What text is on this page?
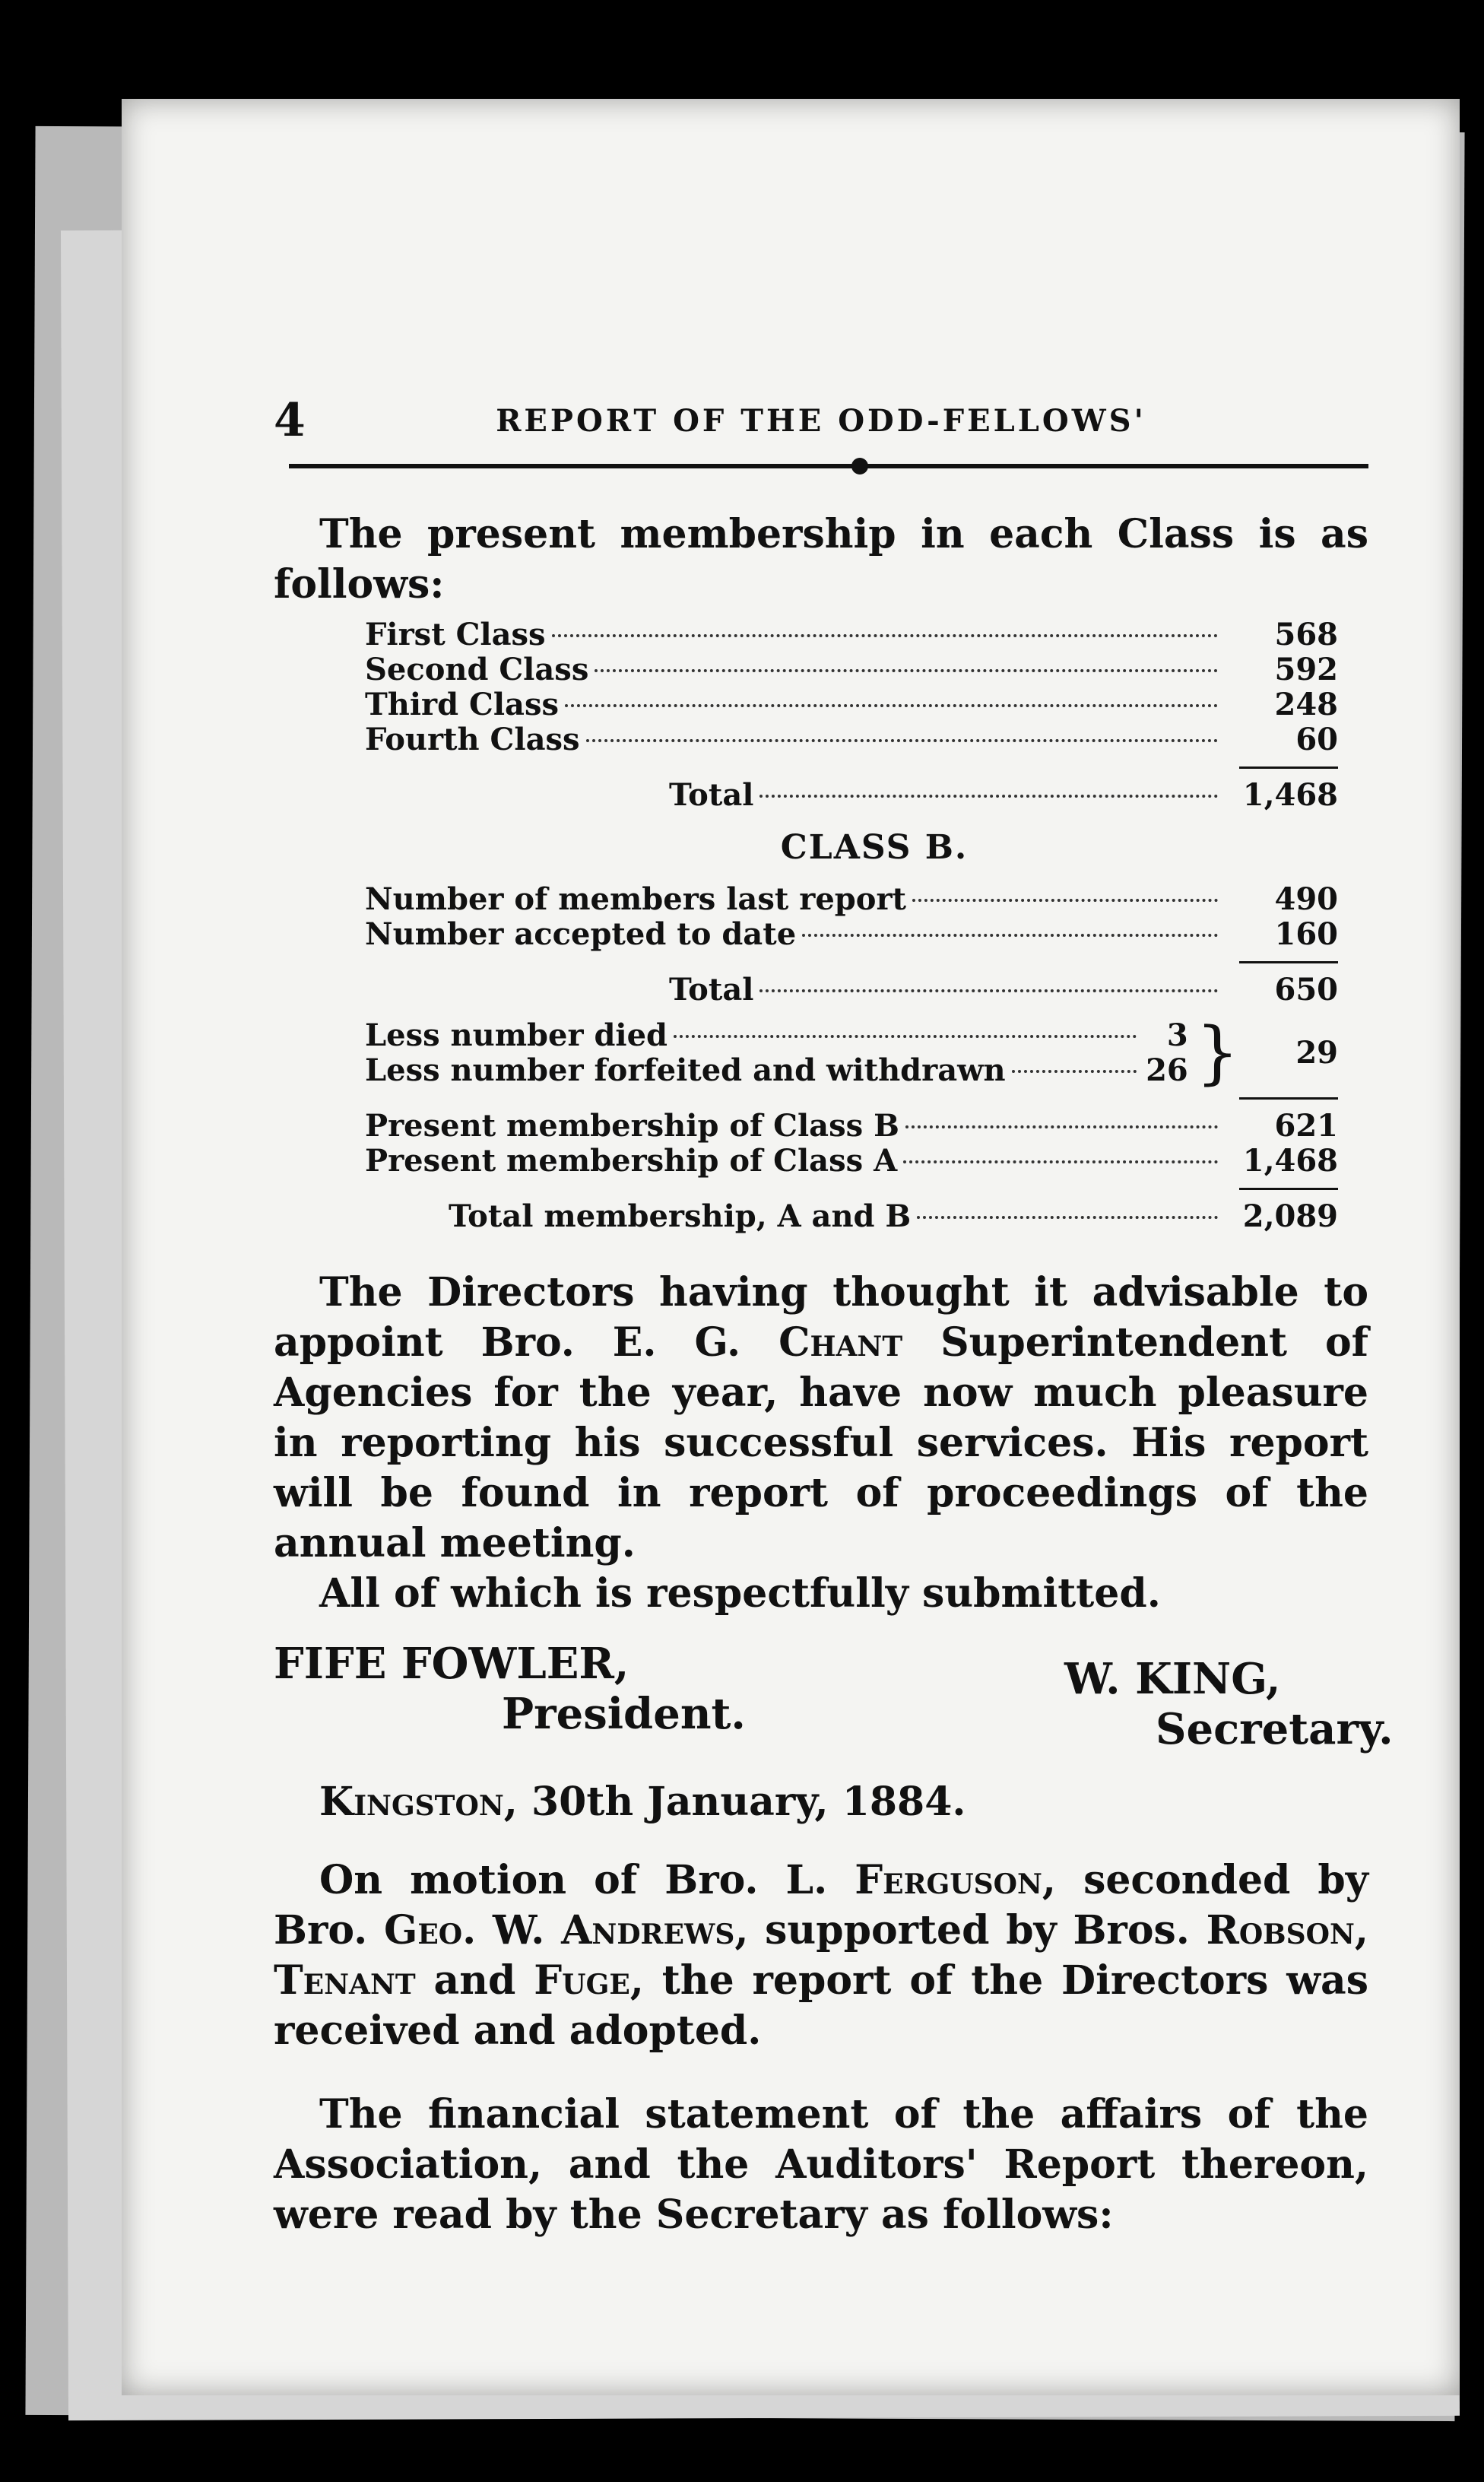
4	REPORT OF THE ODD-FELLOWS'

The present membership in each Class is as follows:

First Class	568
Second Class	592
Third Class	248
Fourth Class	60
Total	1,468
CLASS B.
Number of members last report	490
Number accepted to date	160
Total	650
Less number died	3
Less number forfeited and withdrawn	26 }	29
Present membership of Class B	621
Present membership of Class A	1,468
Total membership, A and B	2,089

The Directors having thought it advisable to appoint Bro. E. G. Chant Superintendent of Agencies for the year, have now much pleasure in reporting his successful services. His report will be found in report of proceedings of the annual meeting.

All of which is respectfully submitted.

FIFE FOWLER,
President.
W. KING,
Secretary.
Kingston, 30th January, 1884.

On motion of Bro. L. Ferguson, seconded by Bro. Geo. W. Andrews, supported by Bros. Robson, Tenant and Fuge, the report of the Directors was received and adopted.

The financial statement of the affairs of the Association, and the Auditors' Report thereon, were read by the Secretary as follows:
